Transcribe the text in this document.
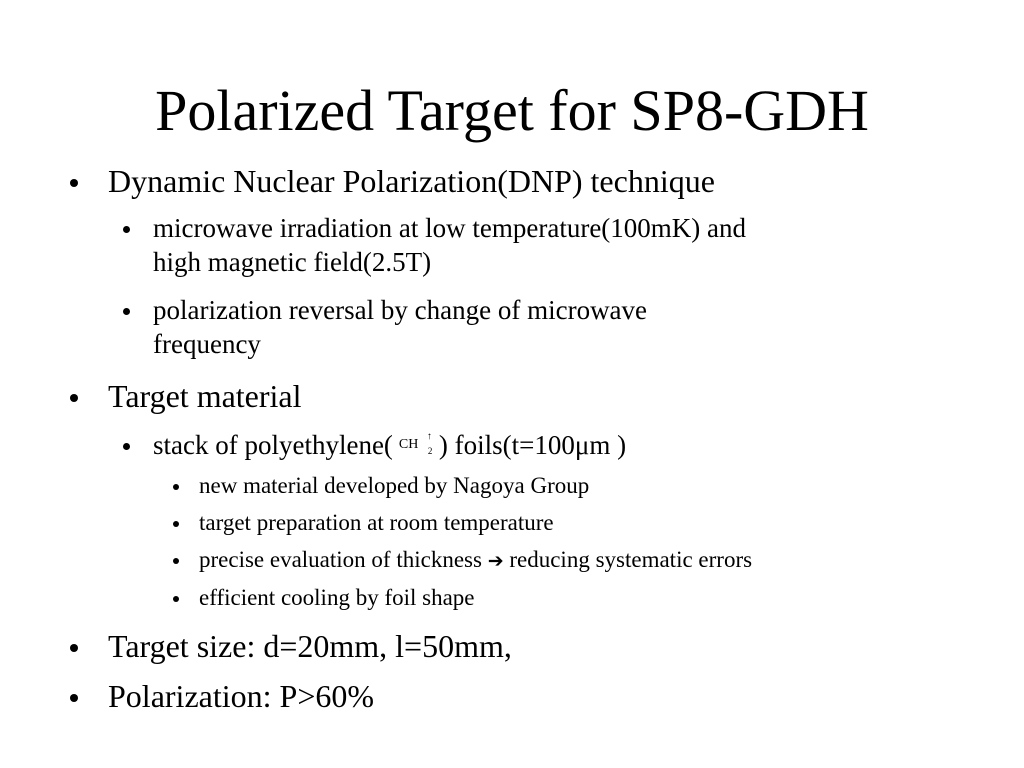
Polarized Target for SP8-GDH
Dynamic Nuclear Polarization(DNP) technique
microwave irradiation at low temperature(100mK) and
high magnetic field(2.5T)
polarization reversal by change of microwave
frequency
Target material
stack of polyethylene( CH
↑
2 ) foils(t=100μm )
new material developed by Nagoya Group
target preparation at room temperature
precise evaluation of thickness ➔ reducing systematic errors
efficient cooling by foil shape
Target size: d=20mm, l=50mm,
Polarization: P>60%
